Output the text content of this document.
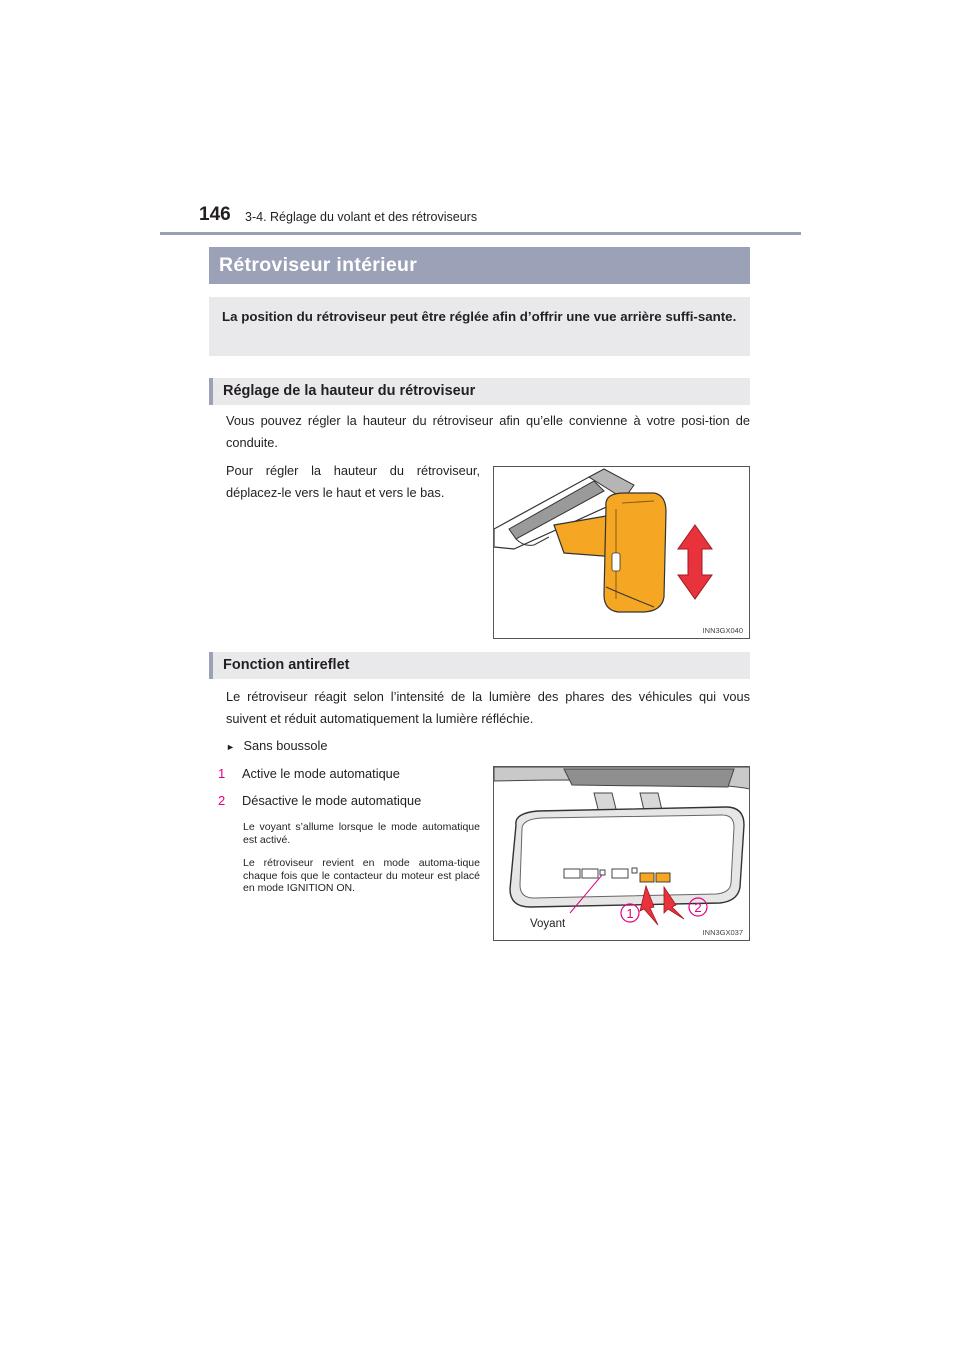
146 3-4. Réglage du volant et des rétroviseurs
Rétroviseur intérieur
La position du rétroviseur peut être réglée afin d’offrir une vue arrière suffi-sante.
Réglage de la hauteur du rétroviseur
Vous pouvez régler la hauteur du rétroviseur afin qu’elle convienne à votre posi-tion de conduite.
Pour régler la hauteur du rétroviseur, déplacez-le vers le haut et vers le bas.
INN3GX040
Fonction antireflet
Le rétroviseur réagit selon l’intensité de la lumière des phares des véhicules qui vous suivent et réduit automatiquement la lumière réfléchie.
► Sans boussole
1 Active le mode automatique
2 Désactive le mode automatique
Le voyant s’allume lorsque le mode automatique est activé.
Le rétroviseur revient en mode automa-tique chaque fois que le contacteur du moteur est placé en mode IGNITION ON.
1	2
Voyant
INN3GX037
